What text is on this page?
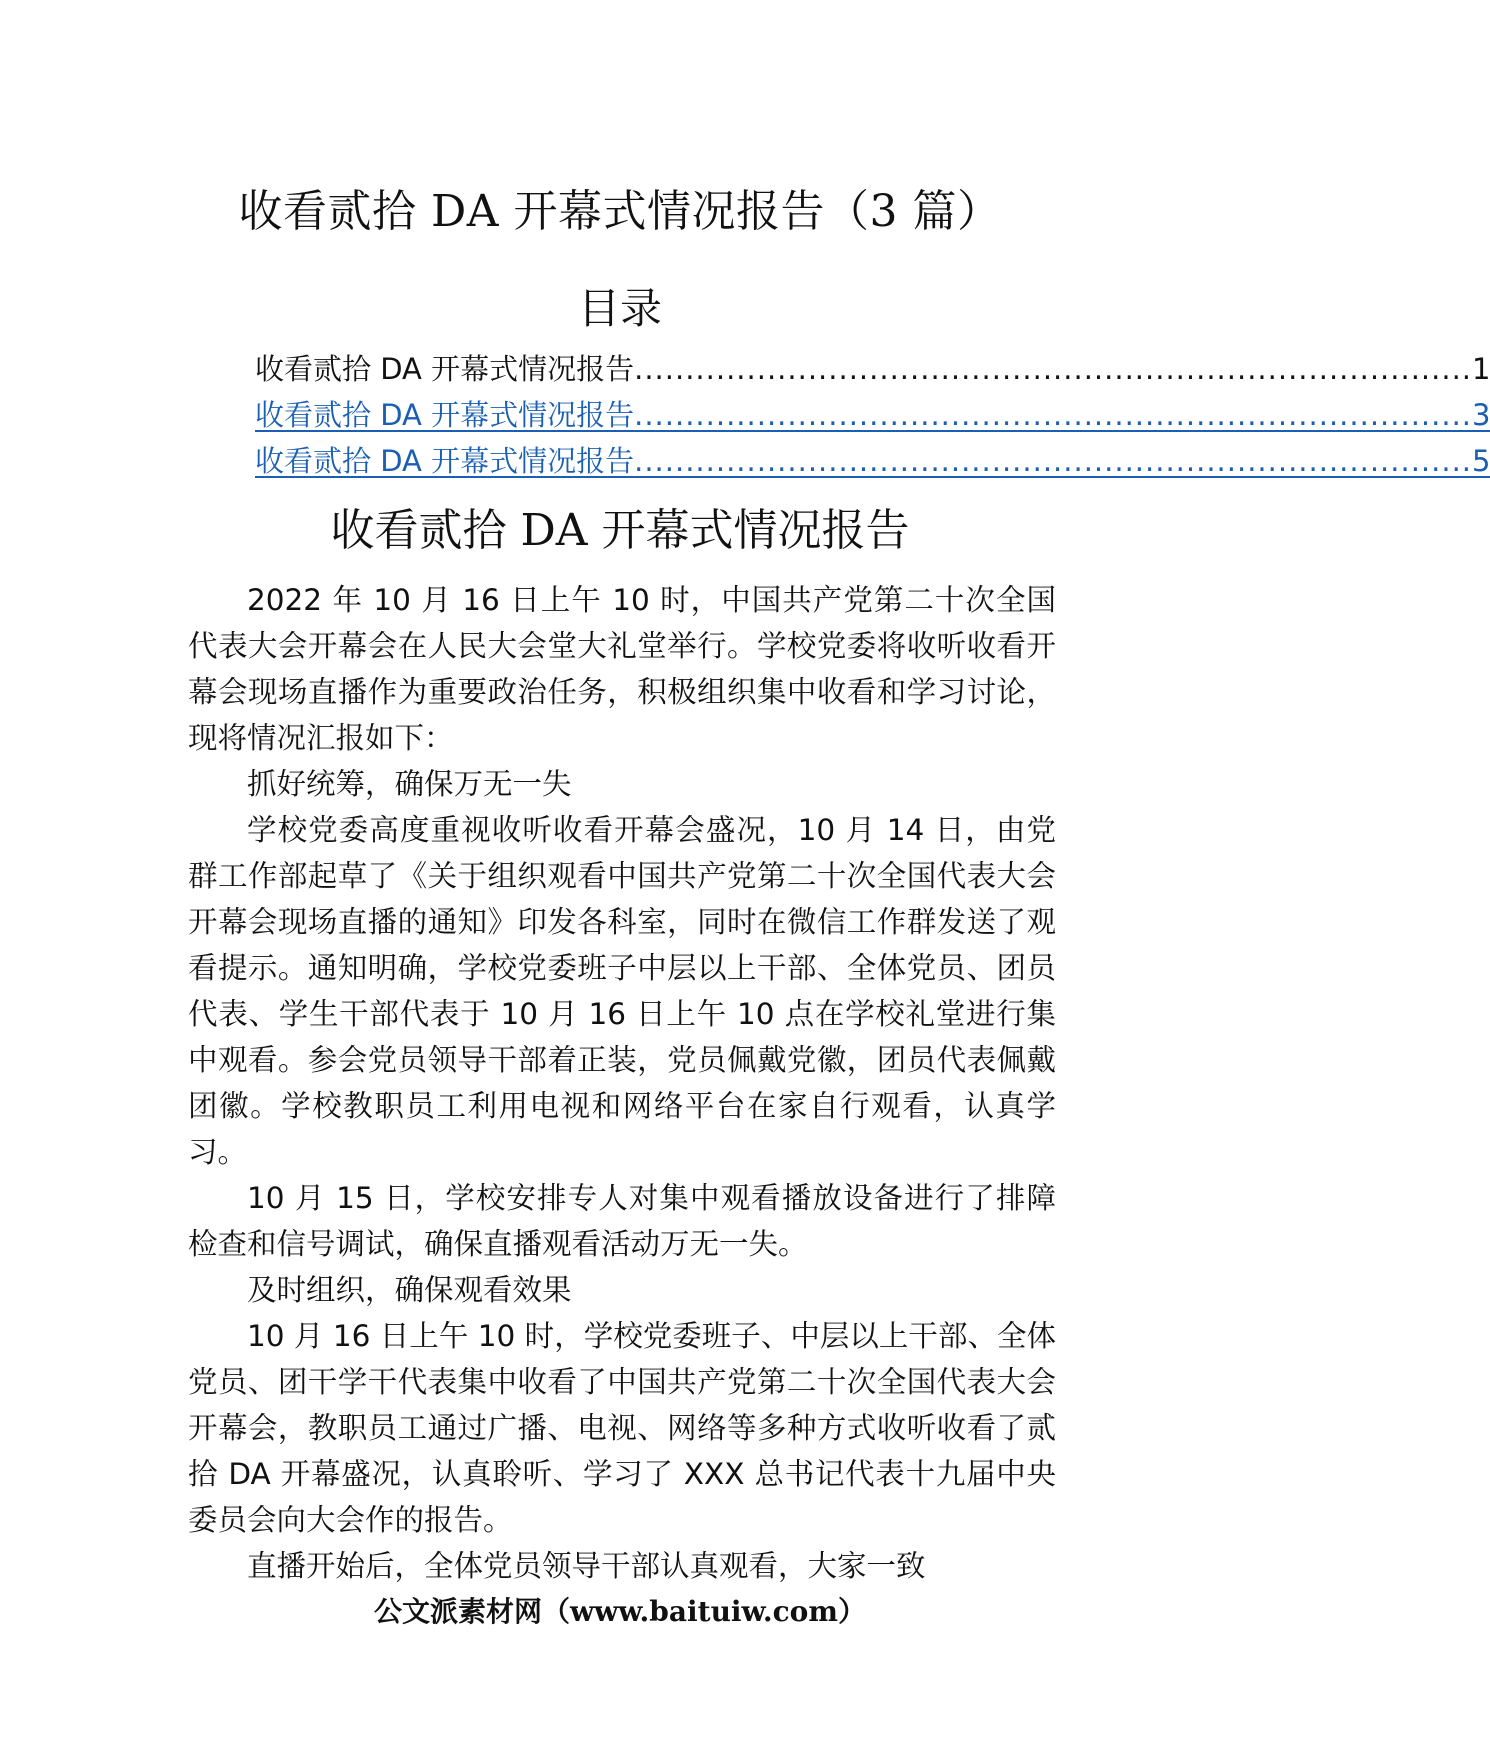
收看贰拾 DA 开幕式情况报告（3 篇）
目录
收看贰拾 DA 开幕式情况报告 .................................................................................. 1
收看贰拾 DA 开幕式情况报告 .................................................................................. 3
收看贰拾 DA 开幕式情况报告 .................................................................................. 5
收看贰拾 DA 开幕式情况报告

2022 年 10 月 16 日上午 10 时，中国共产党第二十次全国代表大会开幕会在人民大会堂大礼堂举行。学校党委将收听收看开幕会现场直播作为重要政治任务，积极组织集中收看和学习讨论，现将情况汇报如下：

抓好统筹，确保万无一失

学校党委高度重视收听收看开幕会盛况，10 月 14 日，由党群工作部起草了《关于组织观看中国共产党第二十次全国代表大会开幕会现场直播的通知》印发各科室，同时在微信工作群发送了观看提示。通知明确，学校党委班子中层以上干部、全体党员、团员代表、学生干部代表于 10 月 16 日上午 10 点在学校礼堂进行集中观看。参会党员领导干部着正装，党员佩戴党徽，团员代表佩戴团徽。学校教职员工利用电视和网络平台在家自行观看，认真学习。

10 月 15 日，学校安排专人对集中观看播放设备进行了排障检查和信号调试，确保直播观看活动万无一失。

及时组织，确保观看效果

10 月 16 日上午 10 时，学校党委班子、中层以上干部、全体党员、团干学干代表集中收看了中国共产党第二十次全国代表大会开幕会，教职员工通过广播、电视、网络等多种方式收听收看了贰拾 DA 开幕盛况，认真聆听、学习了 XXX 总书记代表十九届中央委员会向大会作的报告。

直播开始后，全体党员领导干部认真观看，大家一致

公文派素材网（www.baituiw.com）
